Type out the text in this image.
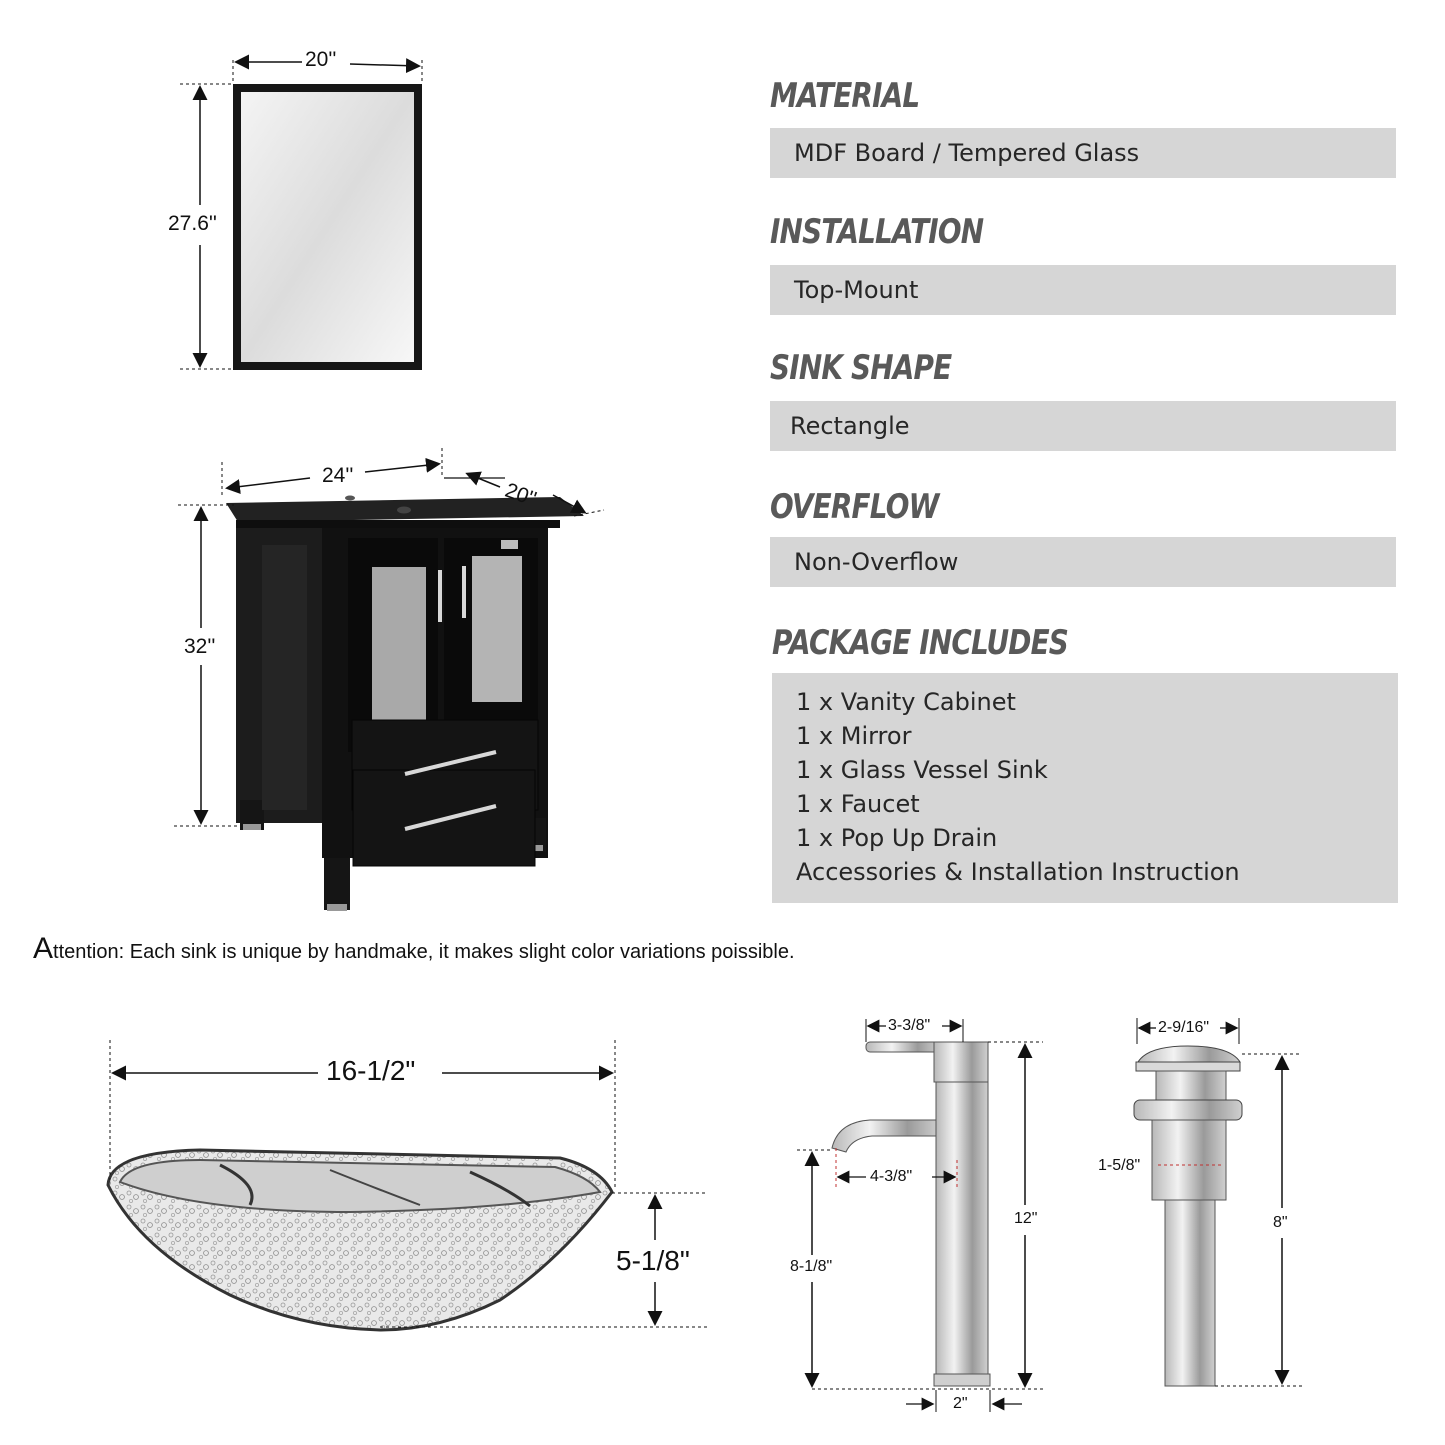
20''
27.6''
24''
20''
32''
16-1/2"
5-1/8"
3-3/8"
4-3/8"
8-1/8"
12"
2"
2-9/16"
1-5/8"
8"
MATERIAL
MDF Board / Tempered Glass
INSTALLATION
Top-Mount
SINK SHAPE
Rectangle
OVERFLOW
Non-Overflow
PACKAGE INCLUDES
1 x Vanity Cabinet
1 x Mirror
1 x Glass Vessel Sink
1 x Faucet
1 x Pop Up Drain
Accessories & Installation Instruction
Attention: Each sink is unique by handmake, it makes slight color variations poissible.
